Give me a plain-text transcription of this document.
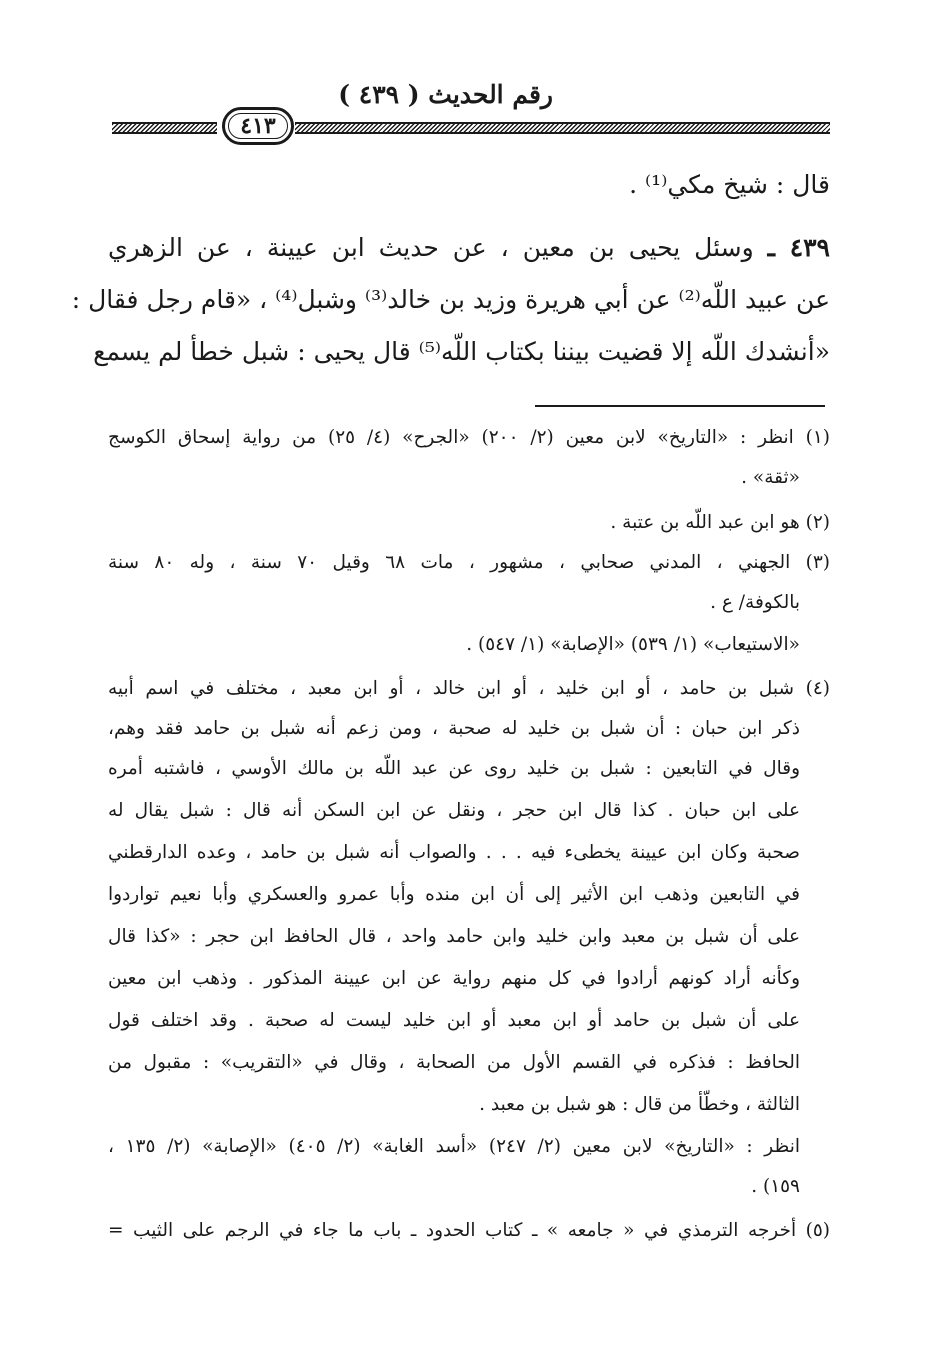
رقم الحديث ( ٤٣٩ )
٤١٣
قال : شيخ مكي⁽¹⁾ .
٤٣٩ ـ وسئل يحيى بن معين ، عن حديث ابن عيينة ، عن الزهري
عن عبيد اللّه⁽²⁾ عن أبي هريرة وزيد بن خالد⁽³⁾ وشبل⁽⁴⁾ ، «قام رجل فقال :
«أنشدك اللّه إلا قضيت بيننا بكتاب اللّه⁽⁵⁾ قال يحيى : شبل خطأ لم يسمع
(١) انظر : «التاريخ» لابن معين (٢/ ٢٠٠) «الجرح» (٤/ ٢٥) من رواية إسحاق الكوسج
«ثقة» .
(٢) هو ابن عبد اللّه بن عتبة .
(٣) الجهني ، المدني صحابي ، مشهور ، مات ٦٨ وقيل ٧٠ سنة ، وله ٨٠ سنة
بالكوفة/ ع .
«الاستيعاب» (١/ ٥٣٩) «الإصابة» (١/ ٥٤٧) .
(٤) شبل بن حامد ، أو ابن خليد ، أو ابن خالد ، أو ابن معبد ، مختلف في اسم أبيه
ذكر ابن حبان : أن شبل بن خليد له صحبة ، ومن زعم أنه شبل بن حامد فقد وهم،
وقال في التابعين : شبل بن خليد روى عن عبد اللّه بن مالك الأوسي ، فاشتبه أمره
على ابن حبان . كذا قال ابن حجر ، ونقل عن ابن السكن أنه قال : شبل يقال له
صحبة وكان ابن عيينة يخطىء فيه . . . والصواب أنه شبل بن حامد ، وعده الدارقطني
في التابعين وذهب ابن الأثير إلى أن ابن منده وأبا عمرو والعسكري وأبا نعيم تواردوا
على أن شبل بن معبد وابن خليد وابن حامد واحد ، قال الحافظ ابن حجر : «كذا قال
وكأنه أراد كونهم أرادوا في كل منهم رواية عن ابن عيينة المذكور . وذهب ابن معين
على أن شبل بن حامد أو ابن معبد أو ابن خليد ليست له صحبة . وقد اختلف قول
الحافظ : فذكره في القسم الأول من الصحابة ، وقال في «التقريب» : مقبول من
الثالثة ، وخطّأ من قال : هو شبل بن معبد .
انظر : «التاريخ» لابن معين (٢/ ٢٤٧) «أسد الغابة» (٢/ ٤٠٥) «الإصابة» (٢/ ١٣٥ ،
١٥٩) .
(٥) أخرجه الترمذي في « جامعه » ـ كتاب الحدود ـ باب ما جاء في الرجم على الثيب =
